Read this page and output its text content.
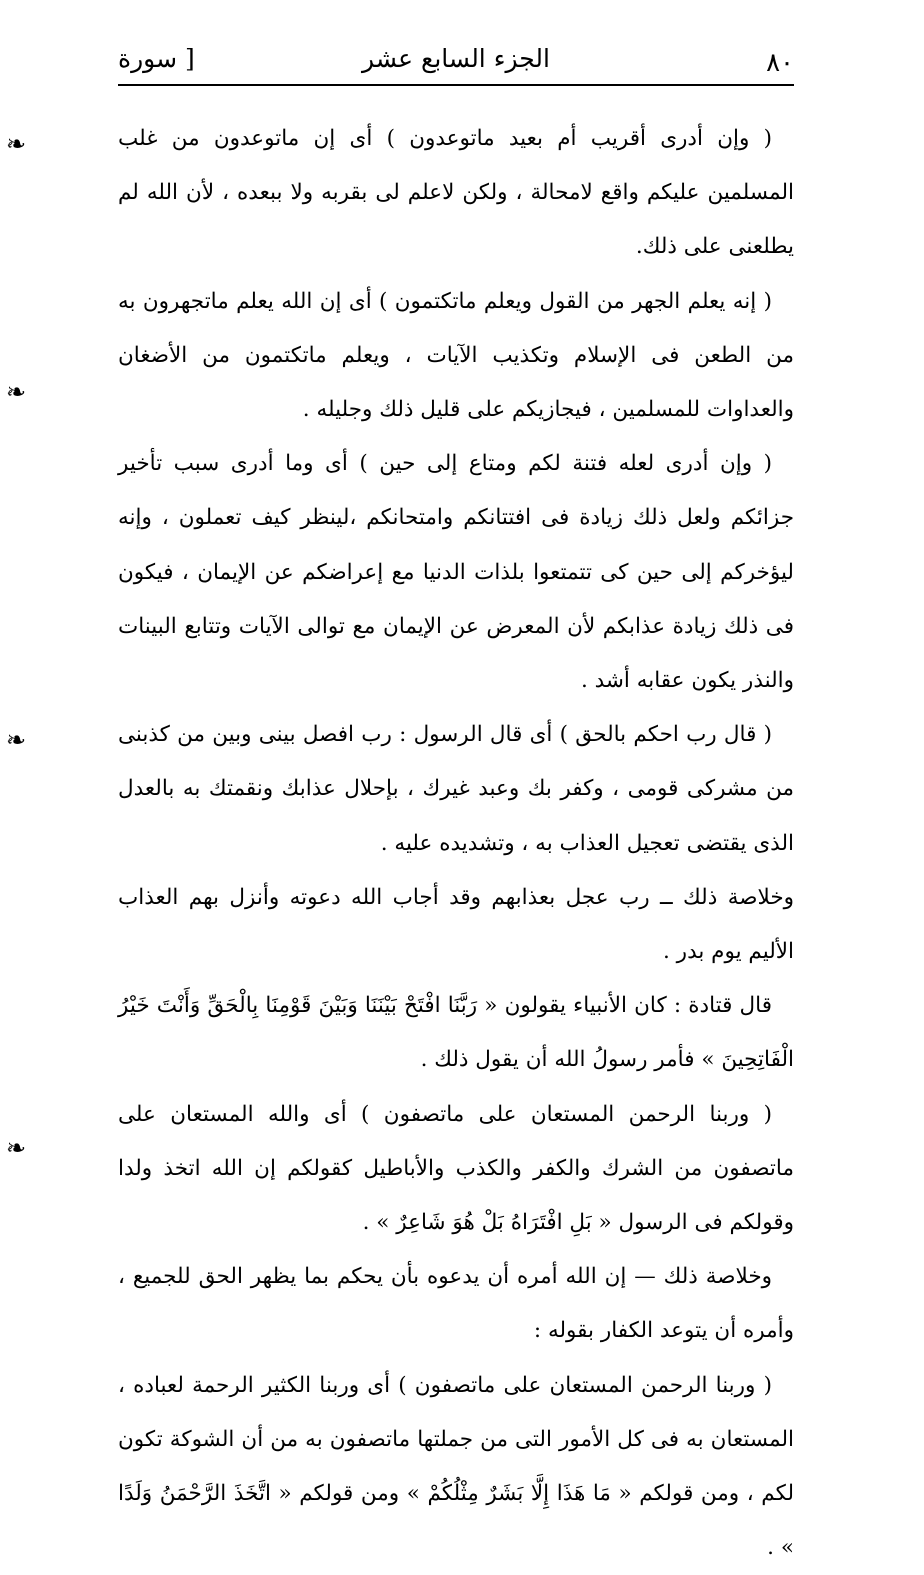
٨٠
الجزء السابع عشر
[ سورة
❧
❧
❧
❧

( وإن أدرى أقريب أم بعيد ماتوعدون ) أى إن ماتوعدون من غلب المسلمين عليكم واقع لامحالة ، ولكن لاعلم لى بقربه ولا ببعده ، لأن الله لم يطلعنى على ذلك.

( إنه يعلم الجهر من القول ويعلم ماتكتمون ) أى إن الله يعلم ماتجهرون به من الطعن فى الإسلام وتكذيب الآيات ، ويعلم ماتكتمون من الأضغان والعداوات للمسلمين ، فيجازيكم على قليل ذلك وجليله .

( وإن أدرى لعله فتنة لكم ومتاع إلى حين ) أى وما أدرى سبب تأخير جزائكم ولعل ذلك زيادة فى افتتانكم وامتحانكم ،لينظر كيف تعملون ، وإنه ليؤخركم إلى حين كى تتمتعوا بلذات الدنيا مع إعراضكم عن الإيمان ، فيكون فى ذلك زيادة عذابكم لأن المعرض عن الإيمان مع توالى الآيات وتتابع البينات والنذر يكون عقابه أشد .

( قال رب احكم بالحق ) أى قال الرسول : رب افصل بينى وبين من كذبنى من مشركى قومى ، وكفر بك وعبد غيرك ، بإحلال عذابك ونقمتك به بالعدل الذى يقتضى تعجيل العذاب به ، وتشديده عليه .

وخلاصة ذلك ــ رب عجل بعذابهم وقد أجاب الله دعوته وأنزل بهم العذاب الأليم يوم بدر .

قال قتادة : كان الأنبياء يقولون « رَبَّنَا افْتَحْ بَيْنَنَا وَبَيْنَ قَوْمِنَا بِالْحَقِّ وَأَنْتَ خَيْرُ الْفَاتِحِينَ » فأمر رسولُ الله أن يقول ذلك .

( وربنا الرحمن المستعان على ماتصفون ) أى والله المستعان على ماتصفون من الشرك والكفر والكذب والأباطيل كقولكم إن الله اتخذ ولدا وقولكم فى الرسول « بَلِ افْتَرَاهُ بَلْ هُوَ شَاعِرٌ » .

وخلاصة ذلك — إن الله أمره أن يدعوه بأن يحكم بما يظهر الحق للجميع ، وأمره أن يتوعد الكفار بقوله :

( وربنا الرحمن المستعان على ماتصفون ) أى وربنا الكثير الرحمة لعباده ، المستعان به فى كل الأمور التى من جملتها ماتصفون به من أن الشوكة تكون لكم ، ومن قولكم « مَا هَذَا إِلَّا بَشَرٌ مِثْلُكُمْ » ومن قولكم « اتَّخَذَ الرَّحْمَنُ وَلَدًا » .
